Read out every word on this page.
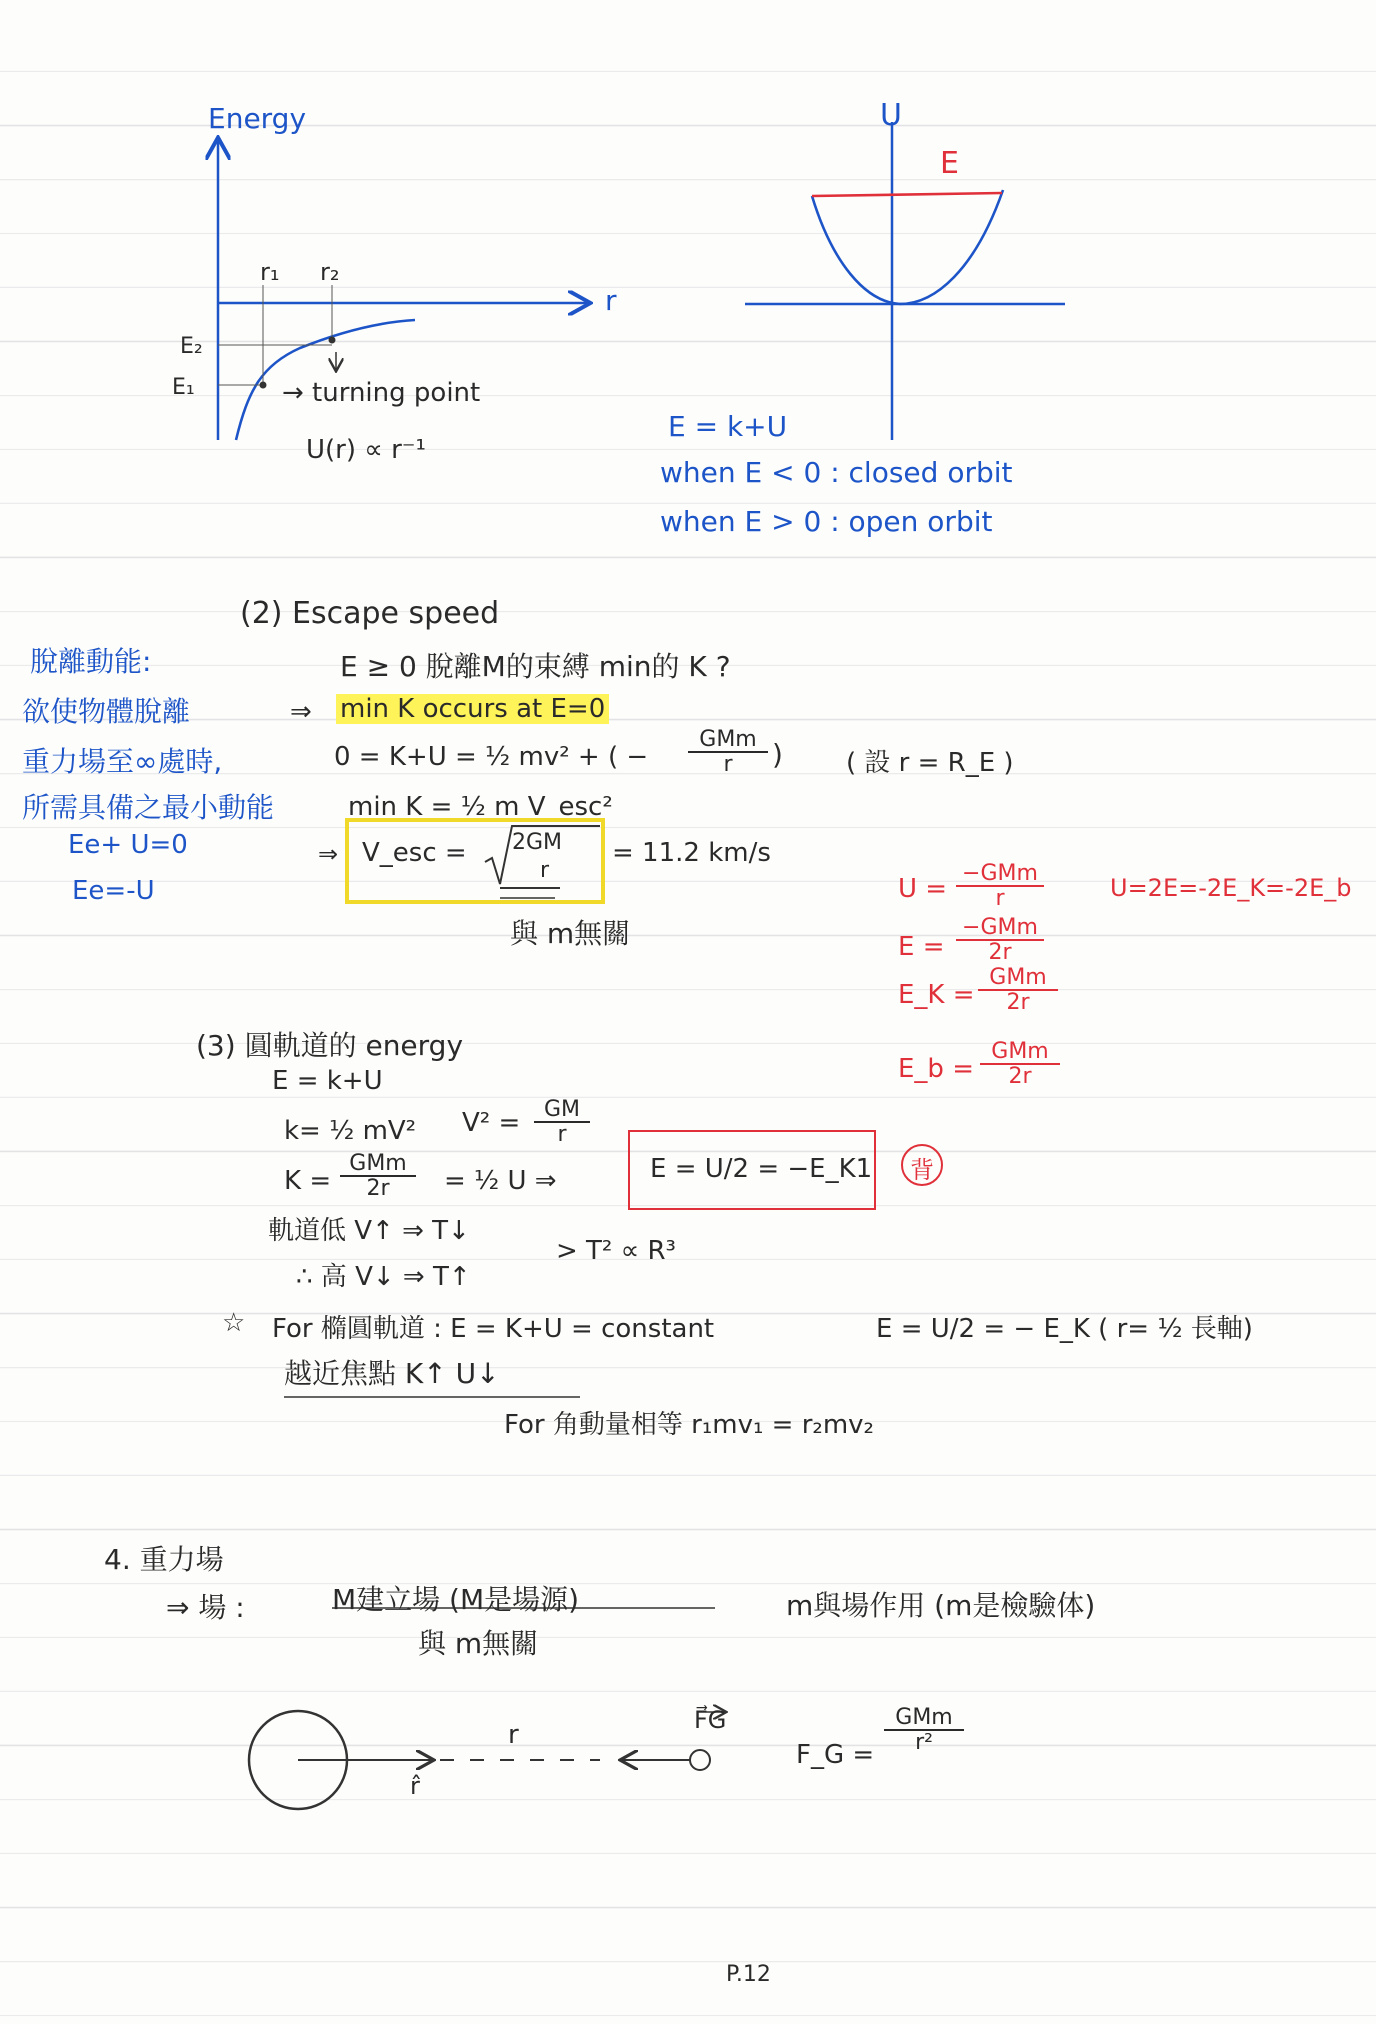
Energy
r
r₁ r₂
E₂
E₁	→ turning point
U(r) ∝ r⁻¹
U
E
E = k+U
when E < 0 : closed orbit
when E > 0 : open orbit
(2) Escape speed
E ≥ 0 脫離M的束縛 min的 K ?
脫離動能:
欲使物體脫離
重力場至∞處時,
所需具備之最小動能
Ee+ U=0
Ee=-U
⇒ min K occurs at E=0
0 = K+U = ½ mv² + ( −
GMm
r	) ( 設 r = R_E )
min K = ½ m V_esc²
⇒ V_esc = 2GM
r
= 11.2 km/s
與 m無關
U =
−GMm
r	U=2E=-2E_K=-2E_b
E =
−GMm
2r
E_K =
GMm
2r
E_b =
GMm
2r
(3) 圓軌道的 energy
E = k+U
k= ½ mV² $V^2 = \frac{GM}{r}$
K =
GMm
2r	= ½ U ⇒	E = U/2 = −E_K1 背
軌道低 V↑ ⇒ T↓
∴ 高 V↓ ⇒ T↑
> T² ∝ R³
☆ For 橢圓軌道 : E = K+U = constant	E = U/2 = − E_K ( r= ½ 長軸)
越近焦點 K↑ U↓
For 角動量相等 r₁mv₁ = r₂mv₂
4. 重力場
⇒ 場 :	M建立場 (M是場源)	m與場作用 (m是檢驗体)
與 m無關
F⃗G
r
r̂
F_G =
GMm
r²
P.12
